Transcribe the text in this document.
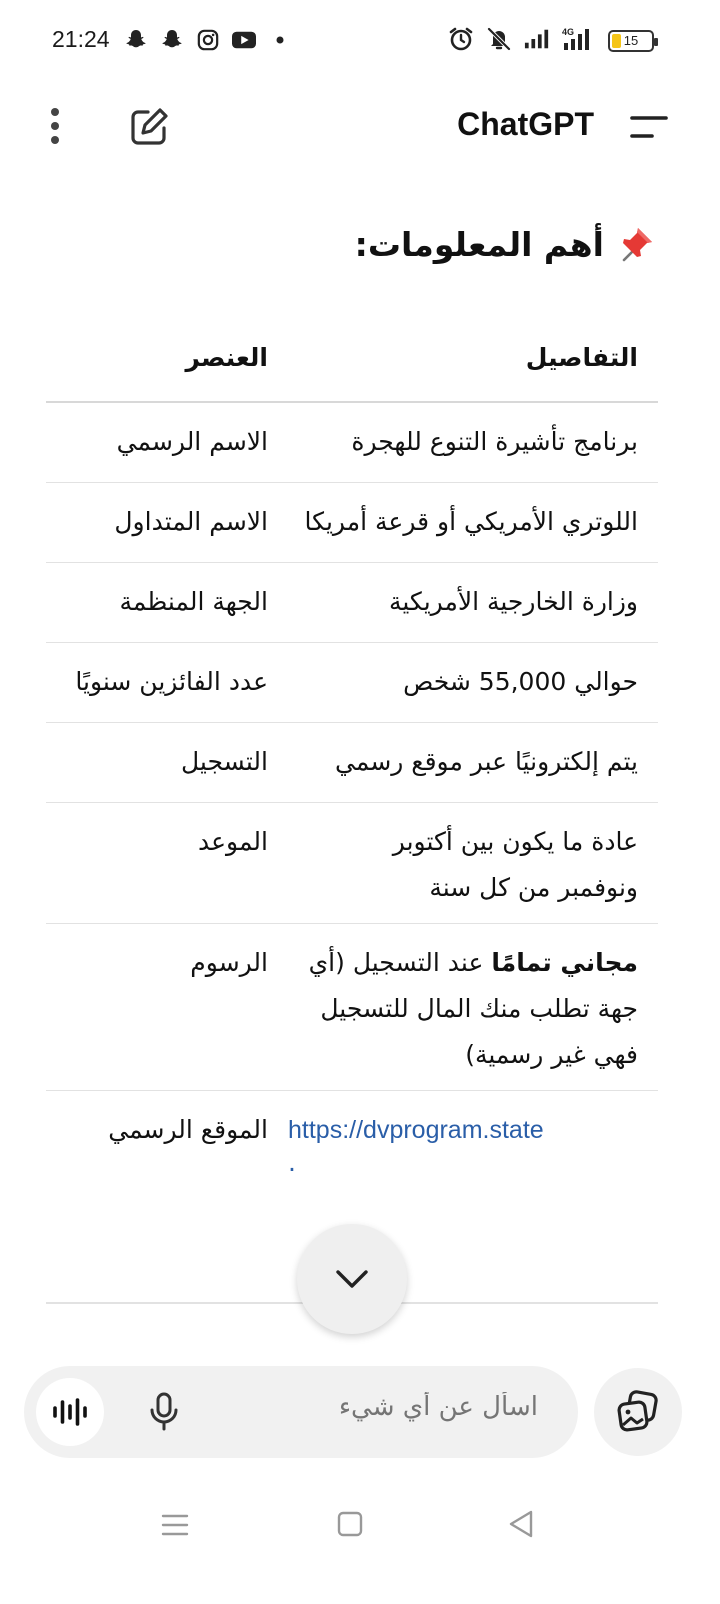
21:24	4G
15
ChatGPT
أهم المعلومات:
التفاصيل	العنصر

برنامج تأشيرة التنوع للهجرة	الاسم الرسمي

اللوتري الأمريكي أو قرعة أمريكا	الاسم المتداول

وزارة الخارجية الأمريكية	الجهة المنظمة

حوالي 55,000 شخص	عدد الفائزين سنويًا

يتم إلكترونيًا عبر موقع رسمي	التسجيل

عادة ما يكون بين أكتوبر
ونوفمبر من كل سنة	الموعد

مجاني تمامًا عند التسجيل (أي
جهة تطلب منك المال للتسجيل
فهي غير رسمية)	الرسوم

https://dvprogram.state
.	الموقع الرسمي
اسأل عن أي شيء
